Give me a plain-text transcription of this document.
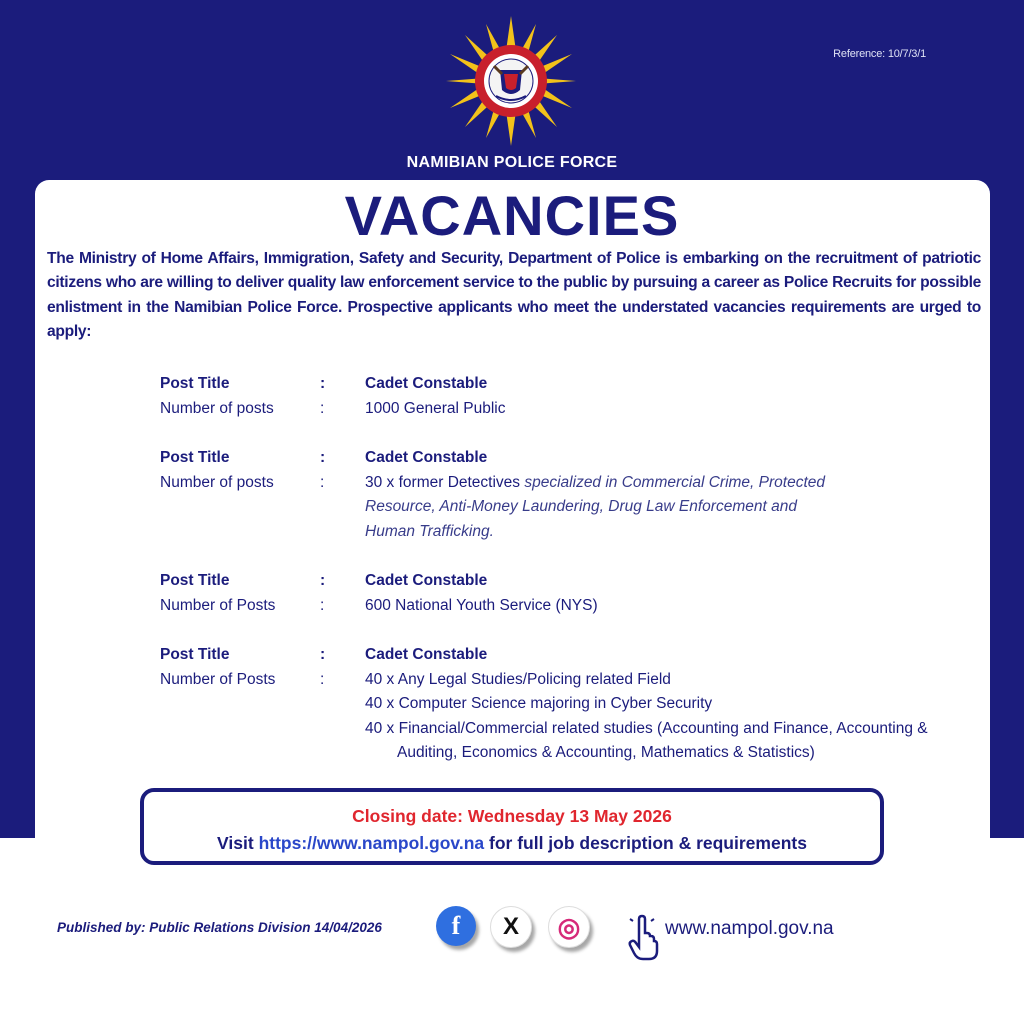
Reference: 10/7/3/1
NAMIBIAN POLICE FORCE
VACANCIES
The Ministry of Home Affairs, Immigration, Safety and Security, Department of Police is embarking on the recruitment of patriotic citizens who are willing to deliver quality law enforcement service to the public by pursuing a career as Police Recruits for possible enlistment in the Namibian Police Force. Prospective applicants who meet the understated vacancies requirements are urged to apply:
Post Title	:	Cadet Constable
Number of posts	:	1000 General Public
Post Title	:	Cadet Constable
Number of posts	:	30 x former Detectives specialized in Commercial Crime, Protected Resource, Anti-Money Laundering, Drug Law Enforcement and Human Trafficking.
Post Title	:	Cadet Constable
Number of Posts	:	600 National Youth Service (NYS)
Post Title	:	Cadet Constable
Number of Posts	:	40 x Any Legal Studies/Policing related Field
40 x Computer Science majoring in Cyber Security
40 x Financial/Commercial related studies (Accounting and Finance, Accounting &
Auditing, Economics & Accounting, Mathematics & Statistics)
Closing date: Wednesday 13 May 2026
Visit https://www.nampol.gov.na for full job description & requirements
Published by: Public Relations Division 14/04/2026	f	X	◎	www.nampol.gov.na
